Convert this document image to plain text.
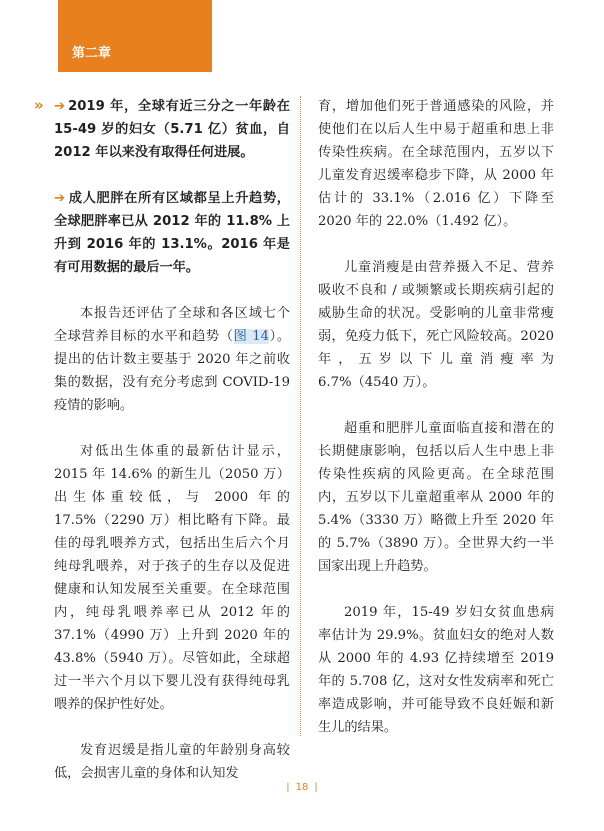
第二章
» ➔ 2019 年，全球有近三分之一年龄在 15-49 岁的妇女（5.71 亿）贫血，自 2012 年以来没有取得任何进展。

➔ 成人肥胖在所有区域都呈上升趋势，全球肥胖率已从 2012 年的 11.8% 上升到 2016 年的 13.1%。2016 年是有可用数据的最后一年。

本报告还评估了全球和各区域七个全球营养目标的水平和趋势（图 14）。提出的估计数主要基于 2020 年之前收集的数据，没有充分考虑到 COVID-19 疫情的影响。

对低出生体重的最新估计显示，2015 年 14.6% 的新生儿（2050 万）出生体重较低，与 2000 年的 17.5%（2290 万）相比略有下降。最佳的母乳喂养方式，包括出生后六个月纯母乳喂养，对于孩子的生存以及促进健康和认知发展至关重要。在全球范围内，纯母乳喂养率已从 2012 年的 37.1%（4990 万）上升到 2020 年的 43.8%（5940 万）。尽管如此，全球超过一半六个月以下婴儿没有获得纯母乳喂养的保护性好处。

发育迟缓是指儿童的年龄别身高较低，会损害儿童的身体和认知发

育，增加他们死于普通感染的风险，并使他们在以后人生中易于超重和患上非传染性疾病。在全球范围内，五岁以下儿童发育迟缓率稳步下降，从 2000 年估计的 33.1%（2.016 亿）下降至 2020 年的 22.0%（1.492 亿）。

儿童消瘦是由营养摄入不足、营养吸收不良和 / 或频繁或长期疾病引起的威胁生命的状况。受影响的儿童非常瘦弱，免疫力低下，死亡风险较高。2020 年，五岁以下儿童消瘦率为 6.7%（4540 万）。

超重和肥胖儿童面临直接和潜在的长期健康影响，包括以后人生中患上非传染性疾病的风险更高。在全球范围内，五岁以下儿童超重率从 2000 年的 5.4%（3330 万）略微上升至 2020 年的 5.7%（3890 万）。全世界大约一半国家出现上升趋势。

2019 年，15-49 岁妇女贫血患病率估计为 29.9%。贫血妇女的绝对人数从 2000 年的 4.93 亿持续增至 2019 年的 5.708 亿，这对女性发病率和死亡率造成影响，并可能导致不良妊娠和新生儿的结果。

| 18 |
